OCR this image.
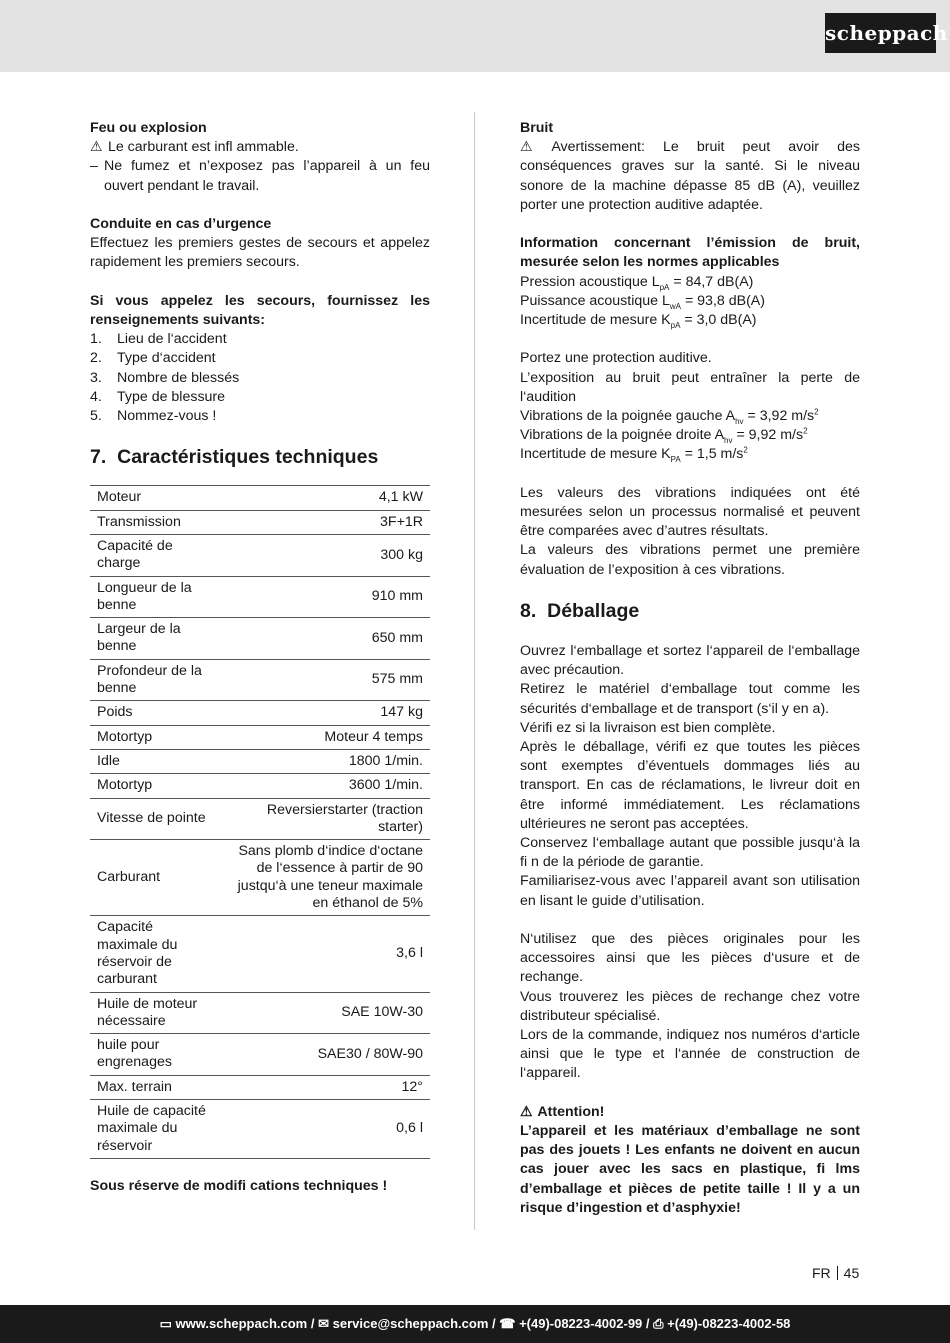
scheppach

Feu ou explosion

⚠ Le carburant est infl ammable.

– Ne fumez et n’exposez pas l’appareil à un feu ouvert pendant le travail.

Conduite en cas d’urgence

Effectuez les premiers gestes de secours et appelez rapidement les premiers secours.

Si vous appelez les secours, fournissez les renseignements suivants:

1.	Lieu de l‘accident
2.	Type d‘accident
3.	Nombre de blessés
4.	Type de blessure
5.	Nommez-vous !
7. Caractéristiques techniques
Moteur	4,1 kW
Transmission	3F+1R
Capacité de charge	300 kg
Longueur de la benne	910 mm
Largeur de la benne	650 mm
Profondeur de la benne	575 mm
Poids	147 kg
Motortyp	Moteur 4 temps
Idle	1800 1/min.
Motortyp	3600 1/min.
Vitesse de pointe	Reversierstarter (traction starter)
Carburant	Sans plomb d‘indice d‘octane de l‘essence à partir de 90 justqu‘à une teneur maximale en éthanol de 5%
Capacité maximale du réservoir de carburant	3,6 l
Huile de moteur nécessaire	SAE 10W-30
huile pour engrenages	SAE30 / 80W-90
Max. terrain	12°
Huile de capacité maximale du réservoir	0,6 l

Sous réserve de modifi cations techniques !

Bruit

⚠ Avertissement: Le bruit peut avoir des conséquences graves sur la santé. Si le niveau sonore de la machine dépasse 85 dB (A), veuillez porter une protection auditive adaptée.

Information concernant l’émission de bruit, mesurée selon les normes applicables

Pression acoustique $L_{pA} = 84,7$ dB(A)

Puissance acoustique $L_{wA} = 93,8$ dB(A)

Incertitude de mesure $K_{pA} = 3,0$ dB(A)

Portez une protection auditive.

L’exposition au bruit peut entraîner la perte de l‘audition

Vibrations de la poignée gauche $A_{hv} = 3,92$ $m/s^2$

Vibrations de la poignée droite $A_{hv} = 9,92$ $m/s^2$

Incertitude de mesure $K_{PA} = 1,5$ $m/s^2$

Les valeurs des vibrations indiquées ont été mesurées selon un processus normalisé et peuvent être comparées avec d’autres résultats.

La valeurs des vibrations permet une première évaluation de l’exposition à ces vibrations.

8. Déballage

Ouvrez l‘emballage et sortez l‘appareil de l‘emballage avec précaution.

Retirez le matériel d‘emballage tout comme les sécurités d‘emballage et de transport (s‘il y en a).

Vérifi ez si la livraison est bien complète.

Après le déballage, vérifi ez que toutes les pièces sont exemptes d’éventuels dommages liés au transport. En cas de réclamations, le livreur doit en être informé immédiatement. Les réclamations ultérieures ne seront pas acceptées.

Conservez l‘emballage autant que possible jusqu‘à la fi n de la période de garantie.

Familiarisez-vous avec l’appareil avant son utilisation en lisant le guide d’utilisation.

N‘utilisez que des pièces originales pour les accessoires ainsi que les pièces d‘usure et de rechange.

Vous trouverez les pièces de rechange chez votre distributeur spécialisé.

Lors de la commande, indiquez nos numéros d‘article ainsi que le type et l‘année de construction de l‘appareil.

⚠ Attention!

L’appareil et les matériaux d’emballage ne sont pas des jouets ! Les enfants ne doivent en aucun cas jouer avec les sacs en plastique, fi lms d’emballage et pièces de petite taille ! Il y a un risque d’ingestion et d’asphyxie!

FR 45
▭ www.scheppach.com / ✉ service@scheppach.com / ☎ +(49)-08223-4002-99 / ⎙ +(49)-08223-4002-58
